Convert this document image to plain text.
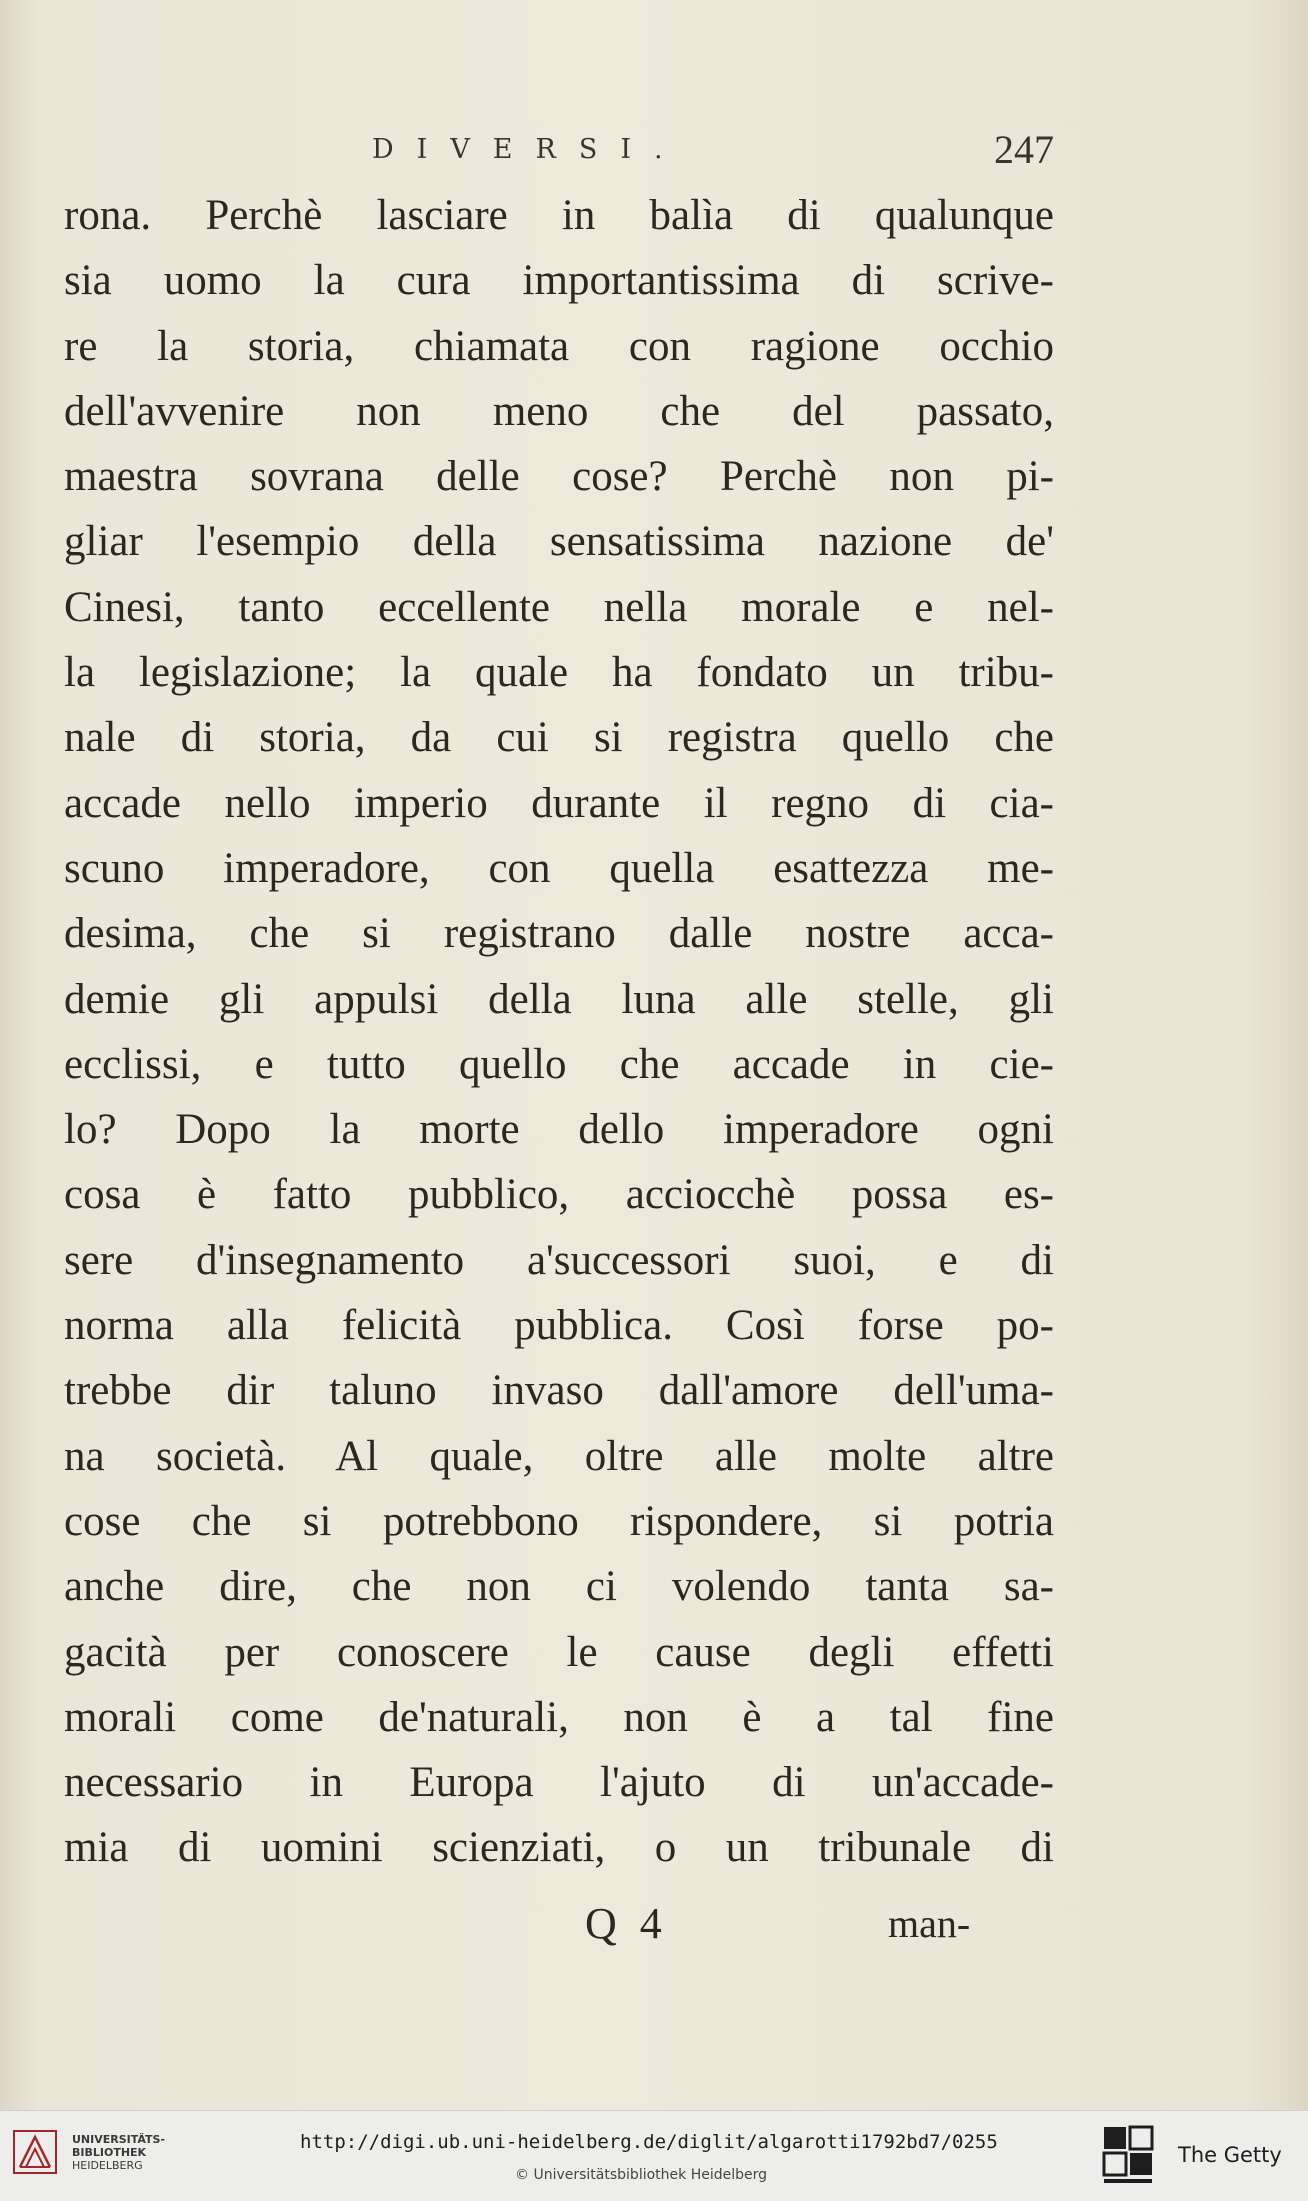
DIVERSI.	247
rona. Perchè lasciare in balìa di qualunque
sia uomo la cura importantissima di scrive-
re la storia, chiamata con ragione occhio
dell'avvenire non meno che del passato,
maestra sovrana delle cose? Perchè non pi-
gliar l'esempio della sensatissima nazione de'
Cinesi, tanto eccellente nella morale e nel-
la legislazione; la quale ha fondato un tribu-
nale di storia, da cui si registra quello che
accade nello imperio durante il regno di cia-
scuno imperadore, con quella esattezza me-
desima, che si registrano dalle nostre acca-
demie gli appulsi della luna alle stelle, gli
ecclissi, e tutto quello che accade in cie-
lo? Dopo la morte dello imperadore ogni
cosa è fatto pubblico, acciocchè possa es-
sere d'insegnamento a'successori suoi, e di
norma alla felicità pubblica. Così forse po-
trebbe dir taluno invaso dall'amore dell'uma-
na società. Al quale, oltre alle molte altre
cose che si potrebbono rispondere, si potria
anche dire, che non ci volendo tanta sa-
gacità per conoscere le cause degli effetti
morali come de'naturali, non è a tal fine
necessario in Europa l'ajuto di un'accade-
mia di uomini scienziati, o un tribunale di
Q 4	man-
UNIVERSITÄTS-
BIBLIOTHEK
HEIDELBERG
http://digi.ub.uni-heidelberg.de/diglit/algarotti1792bd7/0255
© Universitätsbibliothek Heidelberg
The Getty
